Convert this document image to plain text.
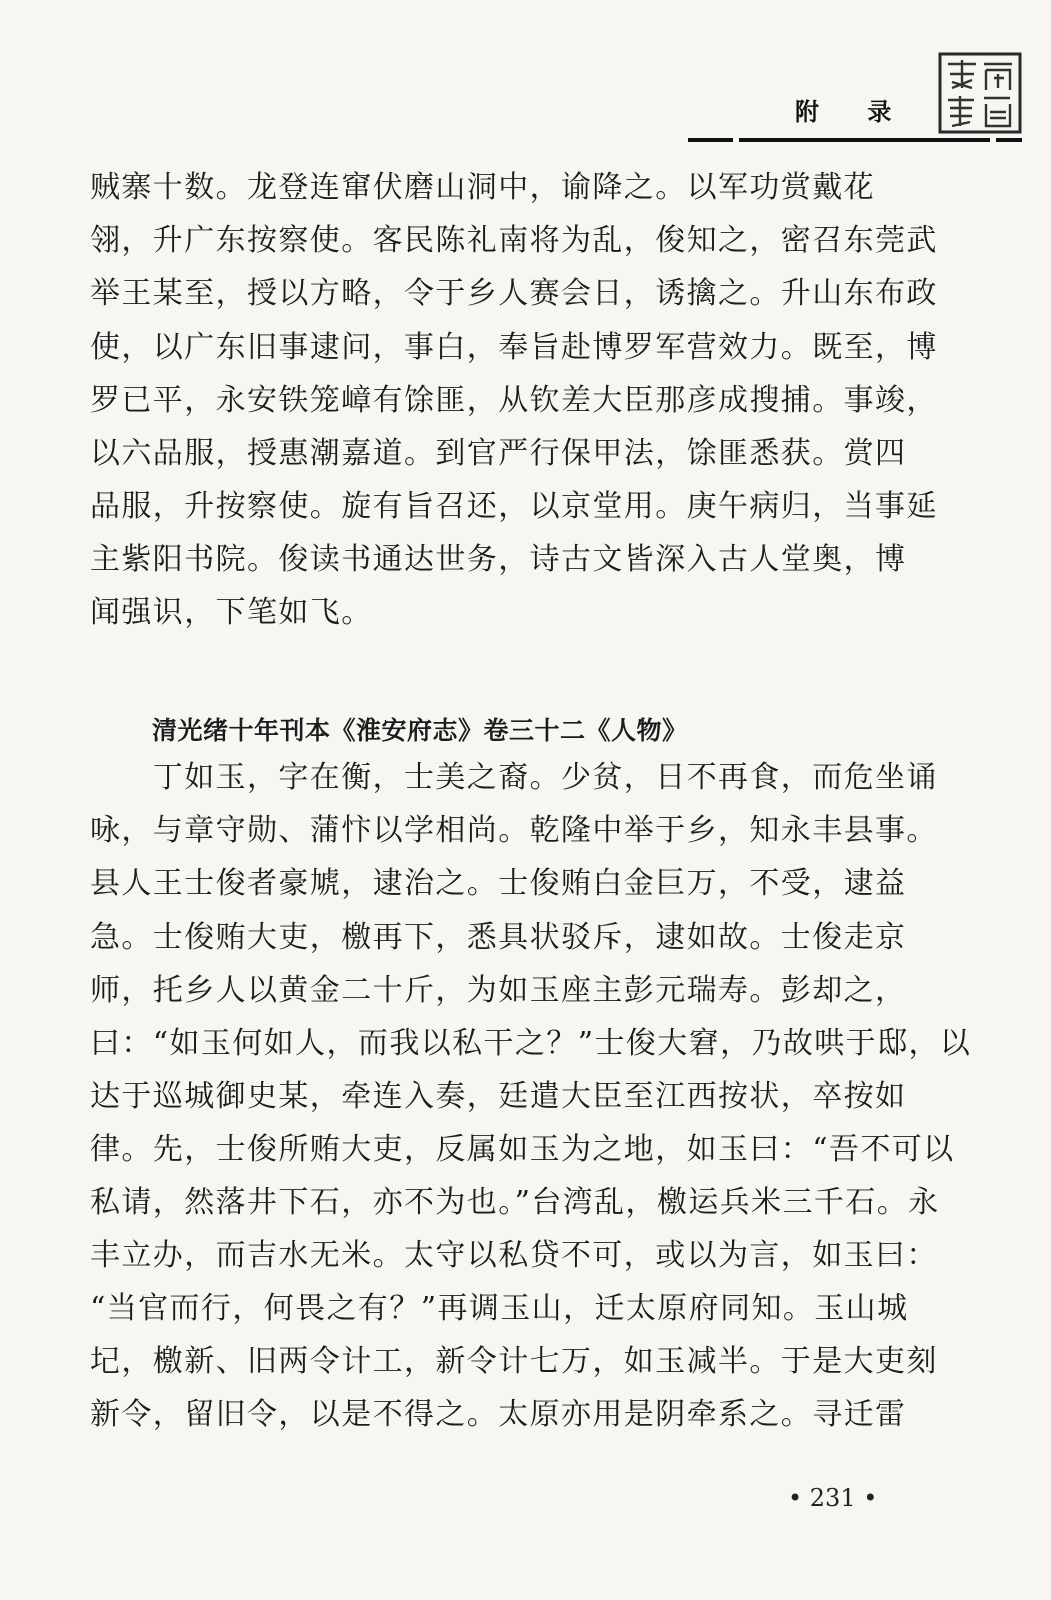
附 录
贼寨十数。龙登连窜伏磨山洞中，谕降之。以军功赏戴花
翎，升广东按察使。客民陈礼南将为乱，俊知之，密召东莞武
举王某至，授以方略，令于乡人赛会日，诱擒之。升山东布政
使，以广东旧事逮问，事白，奉旨赴博罗军营效力。既至，博
罗已平，永安铁笼嶂有馀匪，从钦差大臣那彦成搜捕。事竣，
以六品服，授惠潮嘉道。到官严行保甲法，馀匪悉获。赏四
品服，升按察使。旋有旨召还，以京堂用。庚午病归，当事延
主紫阳书院。俊读书通达世务，诗古文皆深入古人堂奥，博
闻强识，下笔如飞。
清光绪十年刊本《淮安府志》卷三十二《人物》
　　丁如玉，字在衡，士美之裔。少贫，日不再食，而危坐诵
咏，与章守勋、蒲忭以学相尚。乾隆中举于乡，知永丰县事。
县人王士俊者豪虓，逮治之。士俊贿白金巨万，不受，逮益
急。士俊贿大吏，檄再下，悉具状驳斥，逮如故。士俊走京
师，托乡人以黄金二十斤，为如玉座主彭元瑞寿。彭却之，
曰：“如玉何如人，而我以私干之？”士俊大窘，乃故哄于邸，以
达于巡城御史某，牵连入奏，廷遣大臣至江西按状，卒按如
律。先，士俊所贿大吏，反属如玉为之地，如玉曰：“吾不可以
私请，然落井下石，亦不为也。”台湾乱，檄运兵米三千石。永
丰立办，而吉水无米。太守以私贷不可，或以为言，如玉曰：
“当官而行，何畏之有？”再调玉山，迁太原府同知。玉山城
圮，檄新、旧两令计工，新令计七万，如玉减半。于是大吏刻
新令，留旧令，以是不得之。太原亦用是阴牵系之。寻迁雷
• 231 •
